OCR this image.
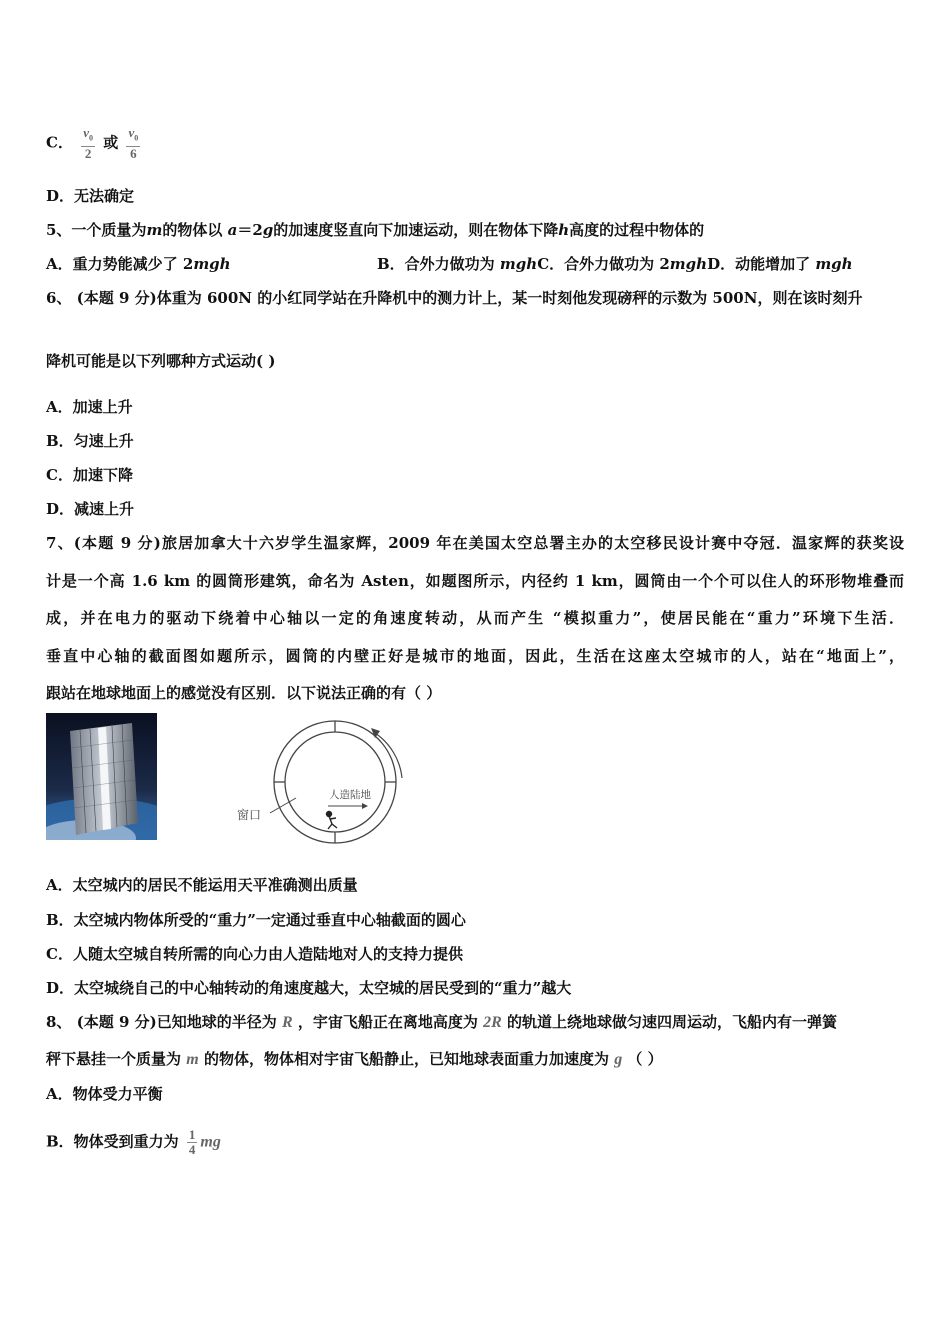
C． $\frac{v_0}{2}$ 或 $\frac{v_0}{6}$
D．无法确定
5、一个质量为m的物体以 a＝2g的加速度竖直向下加速运动，则在物体下降h高度的过程中物体的
A．重力势能减少了 2mgh	B．合外力做功为 mghC．合外力做功为 2mghD．动能增加了 mgh
6、 (本题 9 分)体重为 600N 的小红同学站在升降机中的测力计上，某一时刻他发现磅秤的示数为 500N，则在该时刻升
降机可能是以下列哪种方式运动( )
A．加速上升
B．匀速上升
C．加速下降
D．减速上升
7、(本题 9 分)旅居加拿大十六岁学生温家辉，2009 年在美国太空总署主办的太空移民设计赛中夺冠．温家辉的获奖设
计是一个高 1.6 km 的圆筒形建筑，命名为 Asten，如题图所示，内径约 1 km，圆筒由一个个可以住人的环形物堆叠而
成，并在电力的驱动下绕着中心轴以一定的角速度转动，从而产生 “模拟重力”，使居民能在“重力”环境下生活．
垂直中心轴的截面图如题所示，圆筒的内壁正好是城市的地面，因此，生活在这座太空城市的人，站在“地面上”，
跟站在地球地面上的感觉没有区别．以下说法正确的有（ ）
窗口
人造陆地
A．太空城内的居民不能运用天平准确测出质量
B．太空城内物体所受的“重力”一定通过垂直中心轴截面的圆心
C．人随太空城自转所需的向心力由人造陆地对人的支持力提供
D．太空城绕自己的中心轴转动的角速度越大，太空城的居民受到的“重力”越大
8、 (本题 9 分)已知地球的半径为 R ，宇宙飞船正在离地高度为 2R 的轨道上绕地球做匀速四周运动，飞船内有一弹簧
秤下悬挂一个质量为 m 的物体，物体相对宇宙飞船静止，已知地球表面重力加速度为 g （ ）
A．物体受力平衡
B．物体受到重力为 $\frac{1}{4}$ mg
